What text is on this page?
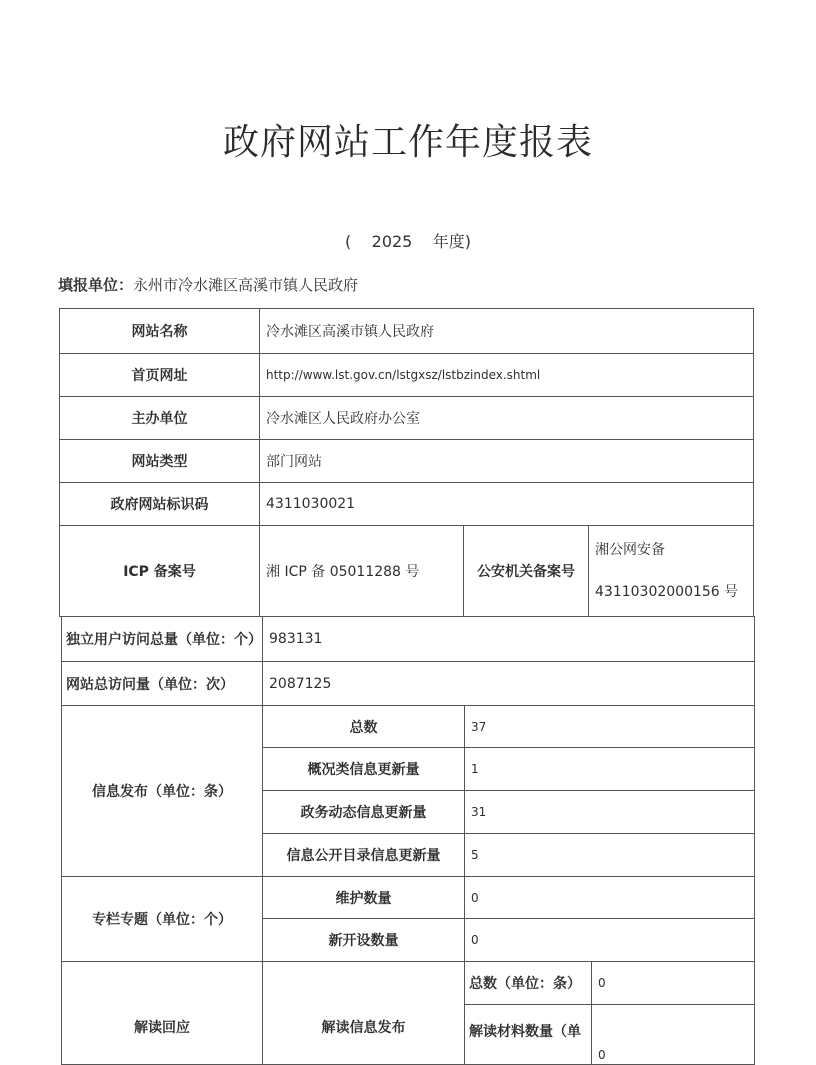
政府网站工作年度报表
(    2025    年度)
填报单位：永州市冷水滩区高溪市镇人民政府
网站名称	冷水滩区高溪市镇人民政府		
首页网址	http://www.lst.gov.cn/lstgxsz/lstbzindex.shtml		
主办单位	冷水滩区人民政府办公室		
网站类型	部门网站		
政府网站标识码	4311030021		
ICP 备案号	湘 ICP 备 05011288 号	公安机关备案号	湘公网安备
43110302000156 号
独立用户访问总量（单位：个）	983131		
网站总访问量（单位：次）	2087125		
信息发布（单位：条）	总数	37	
	概况类信息更新量	1	
	政务动态信息更新量	31	
	信息公开目录信息更新量	5	
专栏专题（单位：个）	维护数量	0	
	新开设数量	0	
解读回应	解读信息发布	总数（单位：条）	0
		解读材料数量（单	0
